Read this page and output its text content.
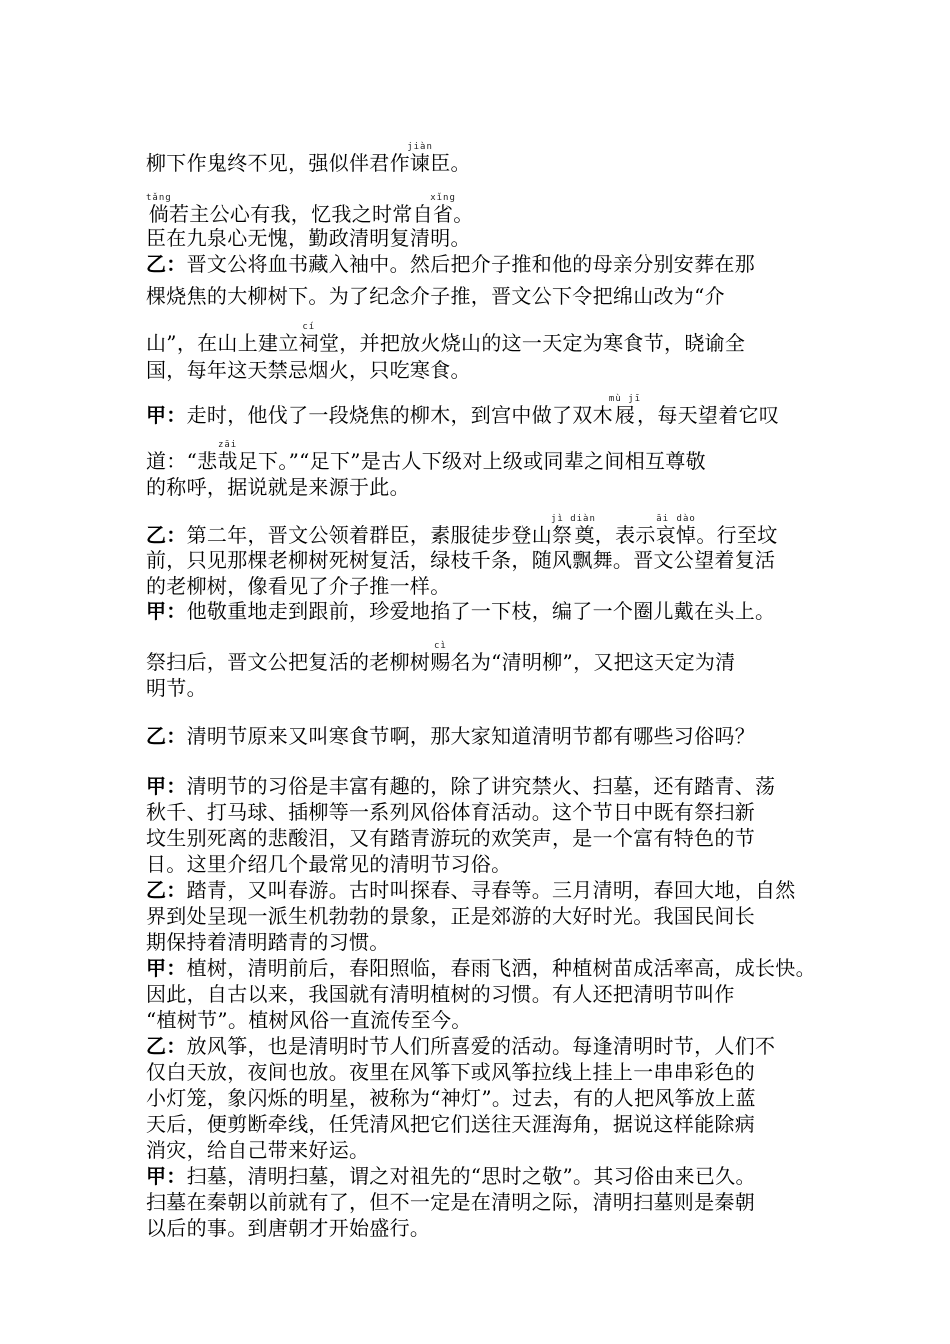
柳下作鬼终不见，强似伴君作谏jiàn臣。
倘tǎng若主公心有我，忆我之时常自省xǐng。
臣在九泉心无愧，勤政清明复清明。
乙：晋文公将血书藏入袖中。然后把介子推和他的母亲分别安葬在那
棵烧焦的大柳树下。为了纪念介子推，晋文公下令把绵山改为“介
山”，在山上建立祠cí堂，并把放火烧山的这一天定为寒食节，晓谕全
国，每年这天禁忌烟火，只吃寒食。
甲：走时，他伐了一段烧焦的柳木，到宫中做了双木屐mù jī，每天望着它叹
道：“悲哉zāi足下。”“足下”是古人下级对上级或同辈之间相互尊敬
的称呼，据说就是来源于此。
乙：第二年，晋文公领着群臣，素服徒步登山祭奠jì diàn，表示哀悼āi dào。行至坟
前，只见那棵老柳树死树复活，绿枝千条，随风飘舞。晋文公望着复活
的老柳树，像看见了介子推一样。
甲：他敬重地走到跟前，珍爱地掐了一下枝，编了一个圈儿戴在头上。
祭扫后，晋文公把复活的老柳树赐cì名为“清明柳”，又把这天定为清
明节。
乙：清明节原来又叫寒食节啊，那大家知道清明节都有哪些习俗吗？
甲：清明节的习俗是丰富有趣的，除了讲究禁火、扫墓，还有踏青、荡
秋千、打马球、插柳等一系列风俗体育活动。这个节日中既有祭扫新
坟生别死离的悲酸泪，又有踏青游玩的欢笑声，是一个富有特色的节
日。这里介绍几个最常见的清明节习俗。
乙：踏青，又叫春游。古时叫探春、寻春等。三月清明，春回大地，自然
界到处呈现一派生机勃勃的景象，正是郊游的大好时光。我国民间长
期保持着清明踏青的习惯。
甲：植树，清明前后，春阳照临，春雨飞洒，种植树苗成活率高，成长快。
因此，自古以来，我国就有清明植树的习惯。有人还把清明节叫作
“植树节”。植树风俗一直流传至今。
乙：放风筝，也是清明时节人们所喜爱的活动。每逢清明时节，人们不
仅白天放，夜间也放。夜里在风筝下或风筝拉线上挂上一串串彩色的
小灯笼，象闪烁的明星，被称为“神灯”。过去，有的人把风筝放上蓝
天后，便剪断牵线，任凭清风把它们送往天涯海角，据说这样能除病
消灾，给自己带来好运。
甲：扫墓，清明扫墓，谓之对祖先的“思时之敬”。其习俗由来已久。
扫墓在秦朝以前就有了，但不一定是在清明之际，清明扫墓则是秦朝
以后的事。到唐朝才开始盛行。
